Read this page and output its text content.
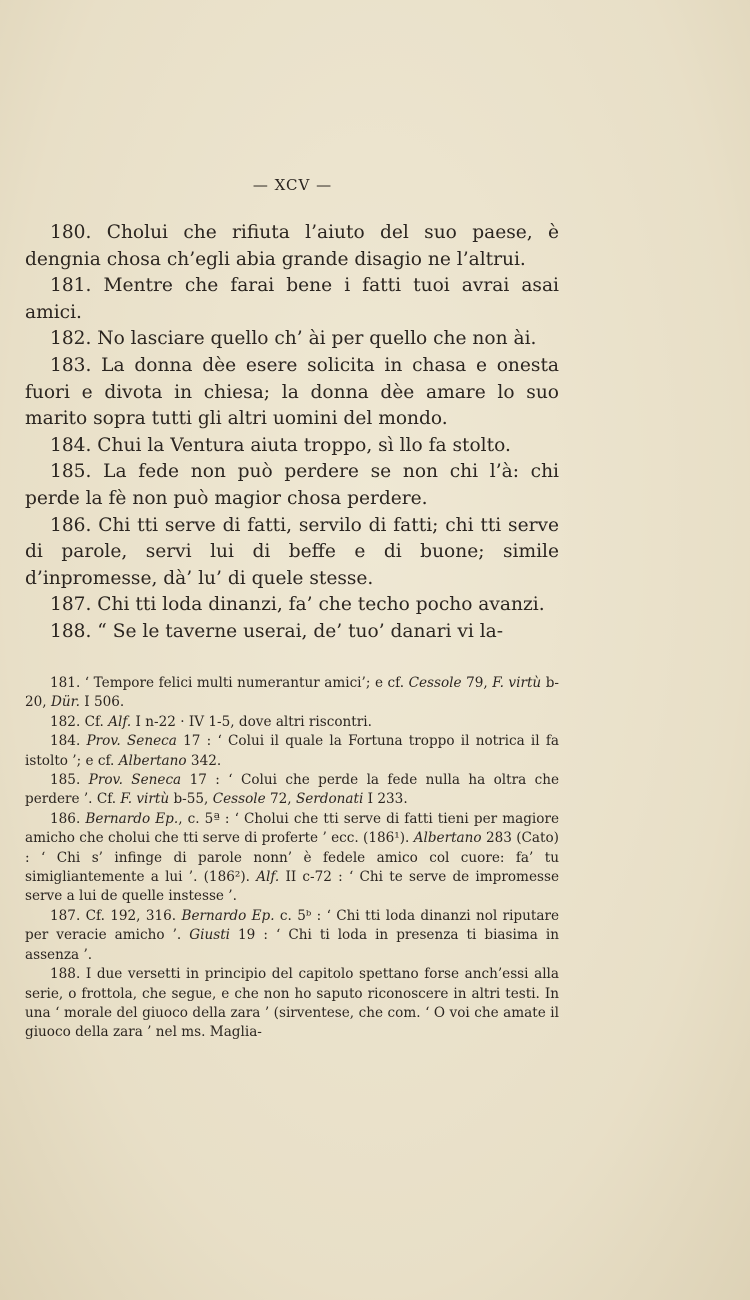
— XCV —

180. Cholui che rifiuta l’aiuto del suo paese, è dengnia chosa ch’egli abia grande disagio ne l’altrui.

181. Mentre che farai bene i fatti tuoi avrai asai amici.

182. No lasciare quello ch’ ài per quello che non ài.

183. La donna dèe esere solicita in chasa e onesta fuori e divota in chiesa; la donna dèe amare lo suo marito sopra tutti gli altri uomini del mondo.

184. Chui la Ventura aiuta troppo, sì llo fa stolto.

185. La fede non può perdere se non chi l’à: chi perde la fè non può magior chosa perdere.

186. Chi tti serve di fatti, servilo di fatti; chi tti serve di parole, servi lui di beffe e di buone; simile d’inpromesse, dà’ lu’ di quele stesse.

187. Chi tti loda dinanzi, fa’ che techo pocho avanzi.

188. “ Se le taverne userai, de’ tuo’ danari vi la-

181. ‘ Tempore felici multi numerantur amici’; e cf. Cessole 79, F. virtù b-20, Dür. I 506.

182. Cf. Alf. I n-22 · IV 1-5, dove altri riscontri.

184. Prov. Seneca 17 : ‘ Colui il quale la Fortuna troppo il notrica il fa istolto ’; e cf. Albertano 342.

185. Prov. Seneca 17 : ‘ Colui che perde la fede nulla ha oltra che perdere ’. Cf. F. virtù b-55, Cessole 72, Serdonati I 233.

186. Bernardo Ep., c. 5ª : ‘ Cholui che tti serve di fatti tieni per magiore amicho che cholui che tti serve di proferte ’ ecc. (186¹). Albertano 283 (Cato) : ‘ Chi s’ infinge di parole nonn’ è fedele amico col cuore: fa’ tu simigliantemente a lui ’. (186²). Alf. II c-72 : ‘ Chi te serve de impromesse serve a lui de quelle instesse ’.

187. Cf. 192, 316. Bernardo Ep. c. 5ᵇ : ‘ Chi tti loda dinanzi nol riputare per veracie amicho ’. Giusti 19 : ‘ Chi ti loda in presenza ti biasima in assenza ’.

188. I due versetti in principio del capitolo spettano forse anch’essi alla serie, o frottola, che segue, e che non ho saputo riconoscere in altri testi. In una ‘ morale del giuoco della zara ’ (sirventese, che com. ‘ O voi che amate il giuoco della zara ’ nel ms. Maglia-
